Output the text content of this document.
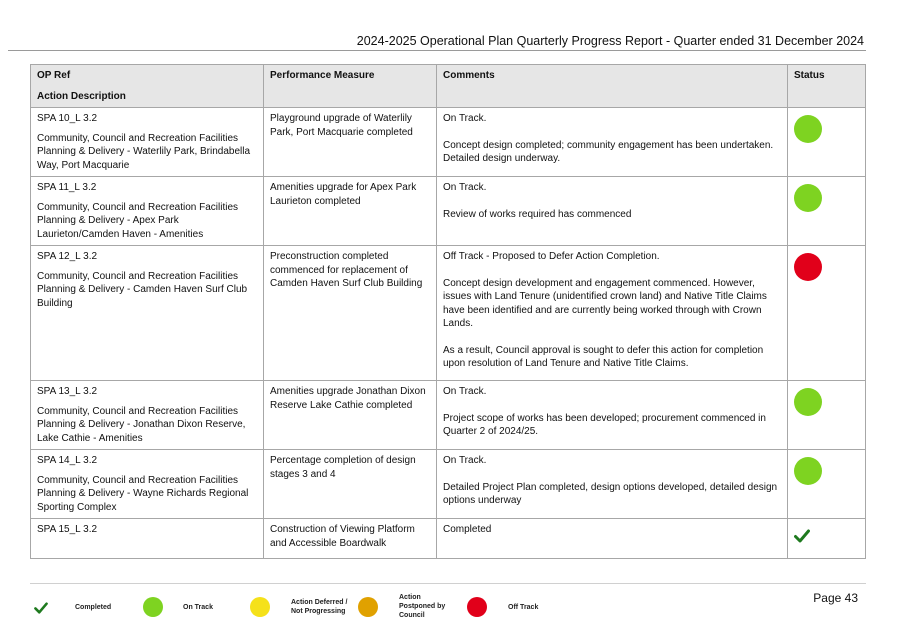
2024-2025 Operational Plan Quarterly Progress Report - Quarter ended 31 December 2024
OP Ref
Action Description	Performance Measure	Comments	Status

SPA 10_L 3.2
Community, Council and Recreation Facilities Planning & Delivery - Waterlily Park, Brindabella Way, Port Macquarie	Playground upgrade of Waterlily Park, Port Macquarie completed	On Track.
Concept design completed; community engagement has been undertaken. Detailed design underway.	

SPA 11_L 3.2
Community, Council and Recreation Facilities Planning & Delivery - Apex Park Laurieton/Camden Haven - Amenities	Amenities upgrade for Apex Park Laurieton completed	On Track.
Review of works required has commenced	

SPA 12_L 3.2
Community, Council and Recreation Facilities Planning & Delivery - Camden Haven Surf Club Building	Preconstruction completed commenced for replacement of Camden Haven Surf Club Building	Off Track - Proposed to Defer Action Completion.
Concept design development and engagement commenced. However, issues with Land Tenure (unidentified crown land) and Native Title Claims have been identified and are currently being worked through with Crown Lands.
As a result, Council approval is sought to defer this action for completion upon resolution of Land Tenure and Native Title Claims.	

SPA 13_L 3.2
Community, Council and Recreation Facilities Planning & Delivery - Jonathan Dixon Reserve, Lake Cathie - Amenities	Amenities upgrade Jonathan Dixon Reserve Lake Cathie completed	On Track.
Project scope of works has been developed; procurement commenced in Quarter 2 of 2024/25.	

SPA 14_L 3.2
Community, Council and Recreation Facilities Planning & Delivery - Wayne Richards Regional Sporting Complex	Percentage completion of design stages 3 and 4	On Track.
Detailed Project Plan completed, design options developed, detailed design options underway	

SPA 15_L 3.2	Construction of Viewing Platform and Accessible Boardwalk	Completed

Completed	On Track
Action Deferred /
Not Progressing
Action
Postponed by
Council
Off Track
Page 43
